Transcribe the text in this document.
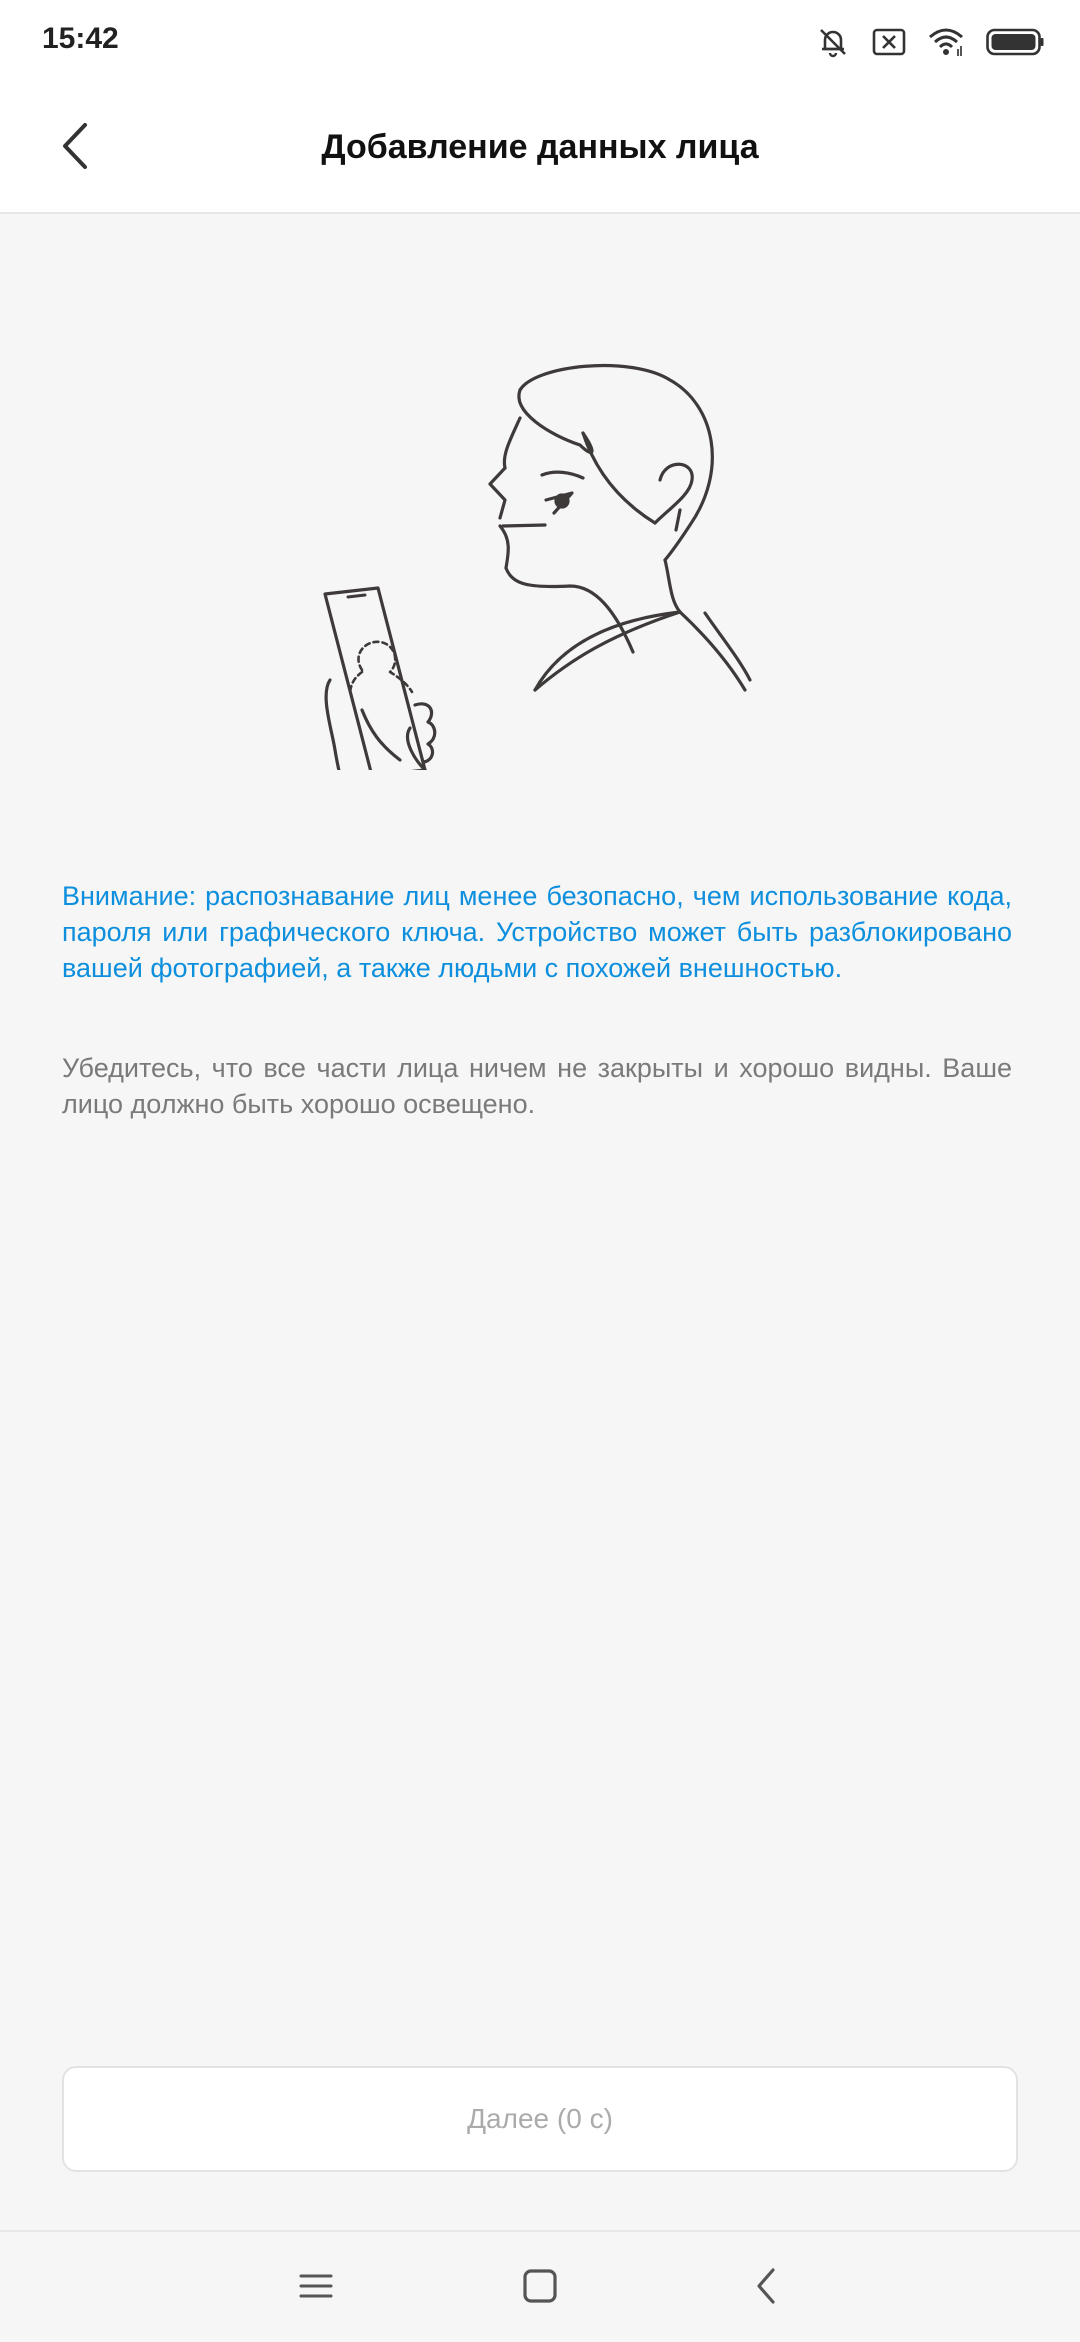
15:42
Добавление данных лица
Внимание: распознавание лиц менее безопасно, чем использование кода, пароля или графического ключа. Устройство может быть разблокировано вашей фотографией, а также людьми с похожей внешностью.
Убедитесь, что все части лица ничем не закрыты и хорошо видны. Ваше лицо должно быть хорошо освещено.
Далее (0 с)
